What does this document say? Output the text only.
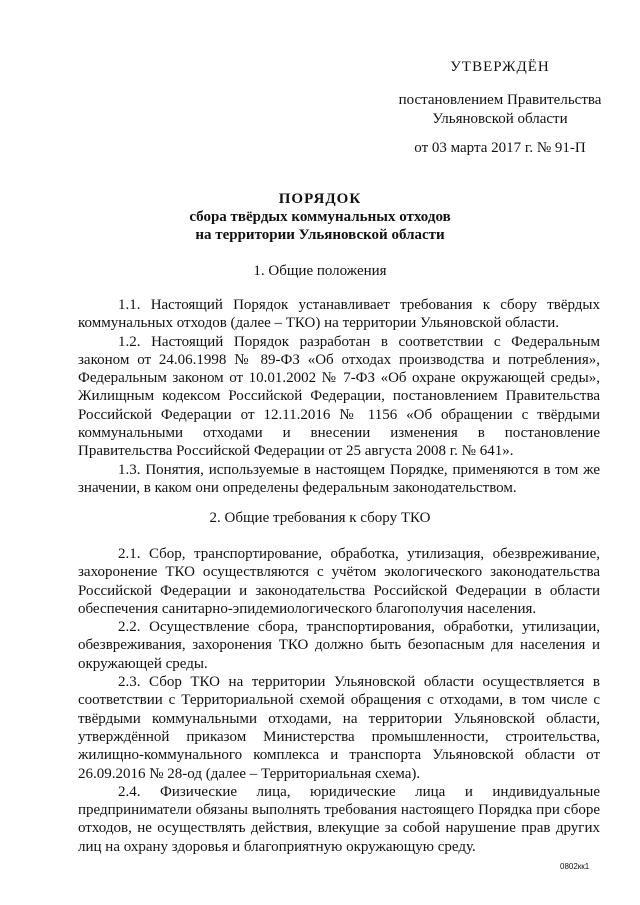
УТВЕРЖДЁН
постановлением Правительства
Ульяновской области
от 03 марта 2017 г. № 91-П
ПОРЯДОК
сбора твёрдых коммунальных отходов
на территории Ульяновской области
1. Общие положения

1.1. Настоящий Порядок устанавливает требования к сбору твёрдых коммунальных отходов (далее – ТКО) на территории Ульяновской области.

1.2. Настоящий Порядок разработан в соответствии с Федеральным законом от 24.06.1998 № 89-ФЗ «Об отходах производства и потребления», Федеральным законом от 10.01.2002 № 7-ФЗ «Об охране окружающей среды», Жилищным кодексом Российской Федерации, постановлением Правительства Российской Федерации от 12.11.2016 № 1156 «Об обращении с твёрдыми коммунальными отходами и внесении изменения в постановление Правительства Российской Федерации от 25 августа 2008 г. № 641».

1.3. Понятия, используемые в настоящем Порядке, применяются в том же значении, в каком они определены федеральным законодательством.

2. Общие требования к сбору ТКО

2.1. Сбор, транспортирование, обработка, утилизация, обезвреживание, захоронение ТКО осуществляются с учётом экологического законодательства Российской Федерации и законодательства Российской Федерации в области обеспечения санитарно-эпидемиологического благополучия населения.

2.2. Осуществление сбора, транспортирования, обработки, утилизации, обезвреживания, захоронения ТКО должно быть безопасным для населения и окружающей среды.

2.3. Сбор ТКО на территории Ульяновской области осуществляется в соответствии с Территориальной схемой обращения с отходами, в том числе с твёрдыми коммунальными отходами, на территории Ульяновской области, утверждённой приказом Министерства промышленности, строительства, жилищно-коммунального комплекса и транспорта Ульяновской области от 26.09.2016 № 28-од (далее – Территориальная схема).

2.4. Физические лица, юридические лица и индивидуальные предприниматели обязаны выполнять требования настоящего Порядка при сборе отходов, не осуществлять действия, влекущие за собой нарушение прав других лиц на охрану здоровья и благоприятную окружающую среду.

0802кк1
